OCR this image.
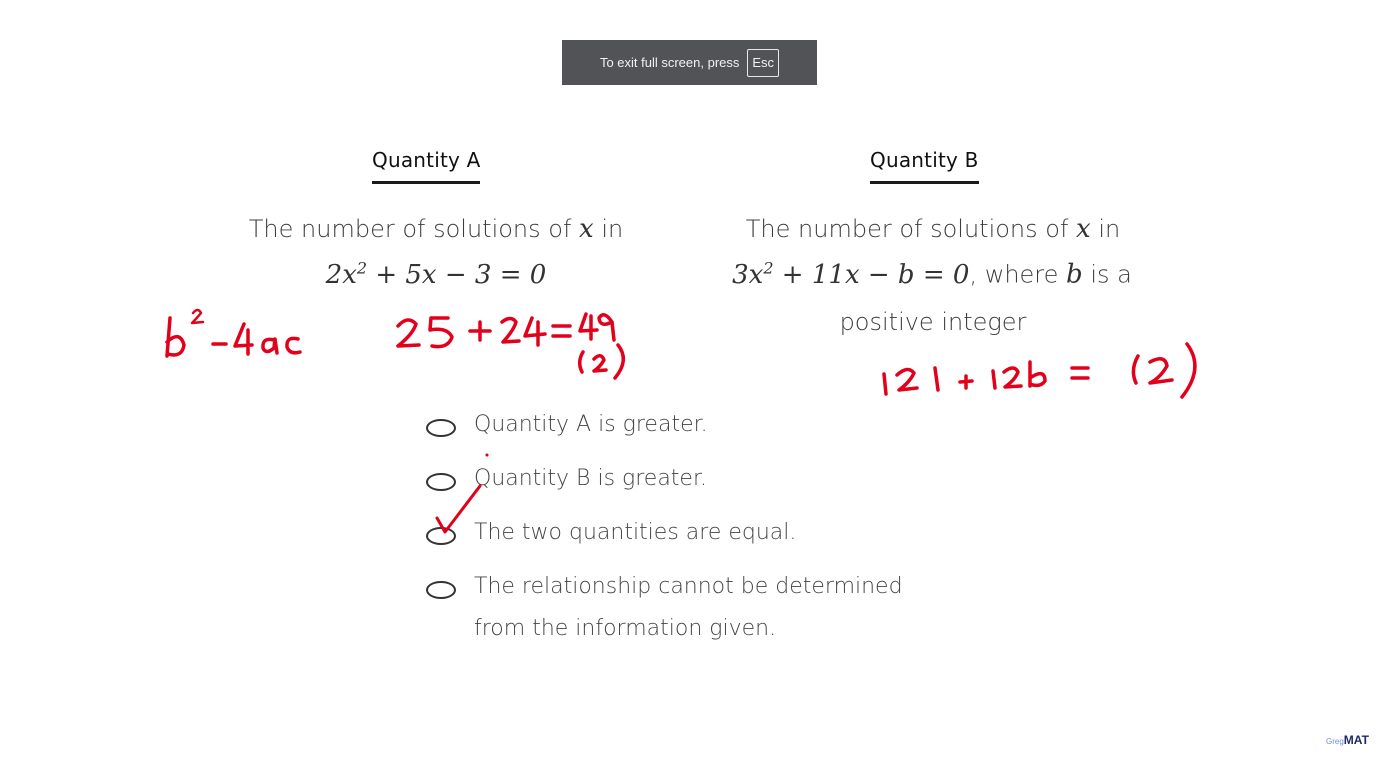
To exit full screen, press	Esc
Quantity A	Quantity B
The number of solutions of x in
$2x^2 + 5x - 3 = 0$
The number of solutions of x in
$3x^2 + 11x - b = 0$, where b is a
positive integer
Quantity A is greater.
Quantity B is greater.
The two quantities are equal.
The relationship cannot be determined
from the information given.
GregMAT
